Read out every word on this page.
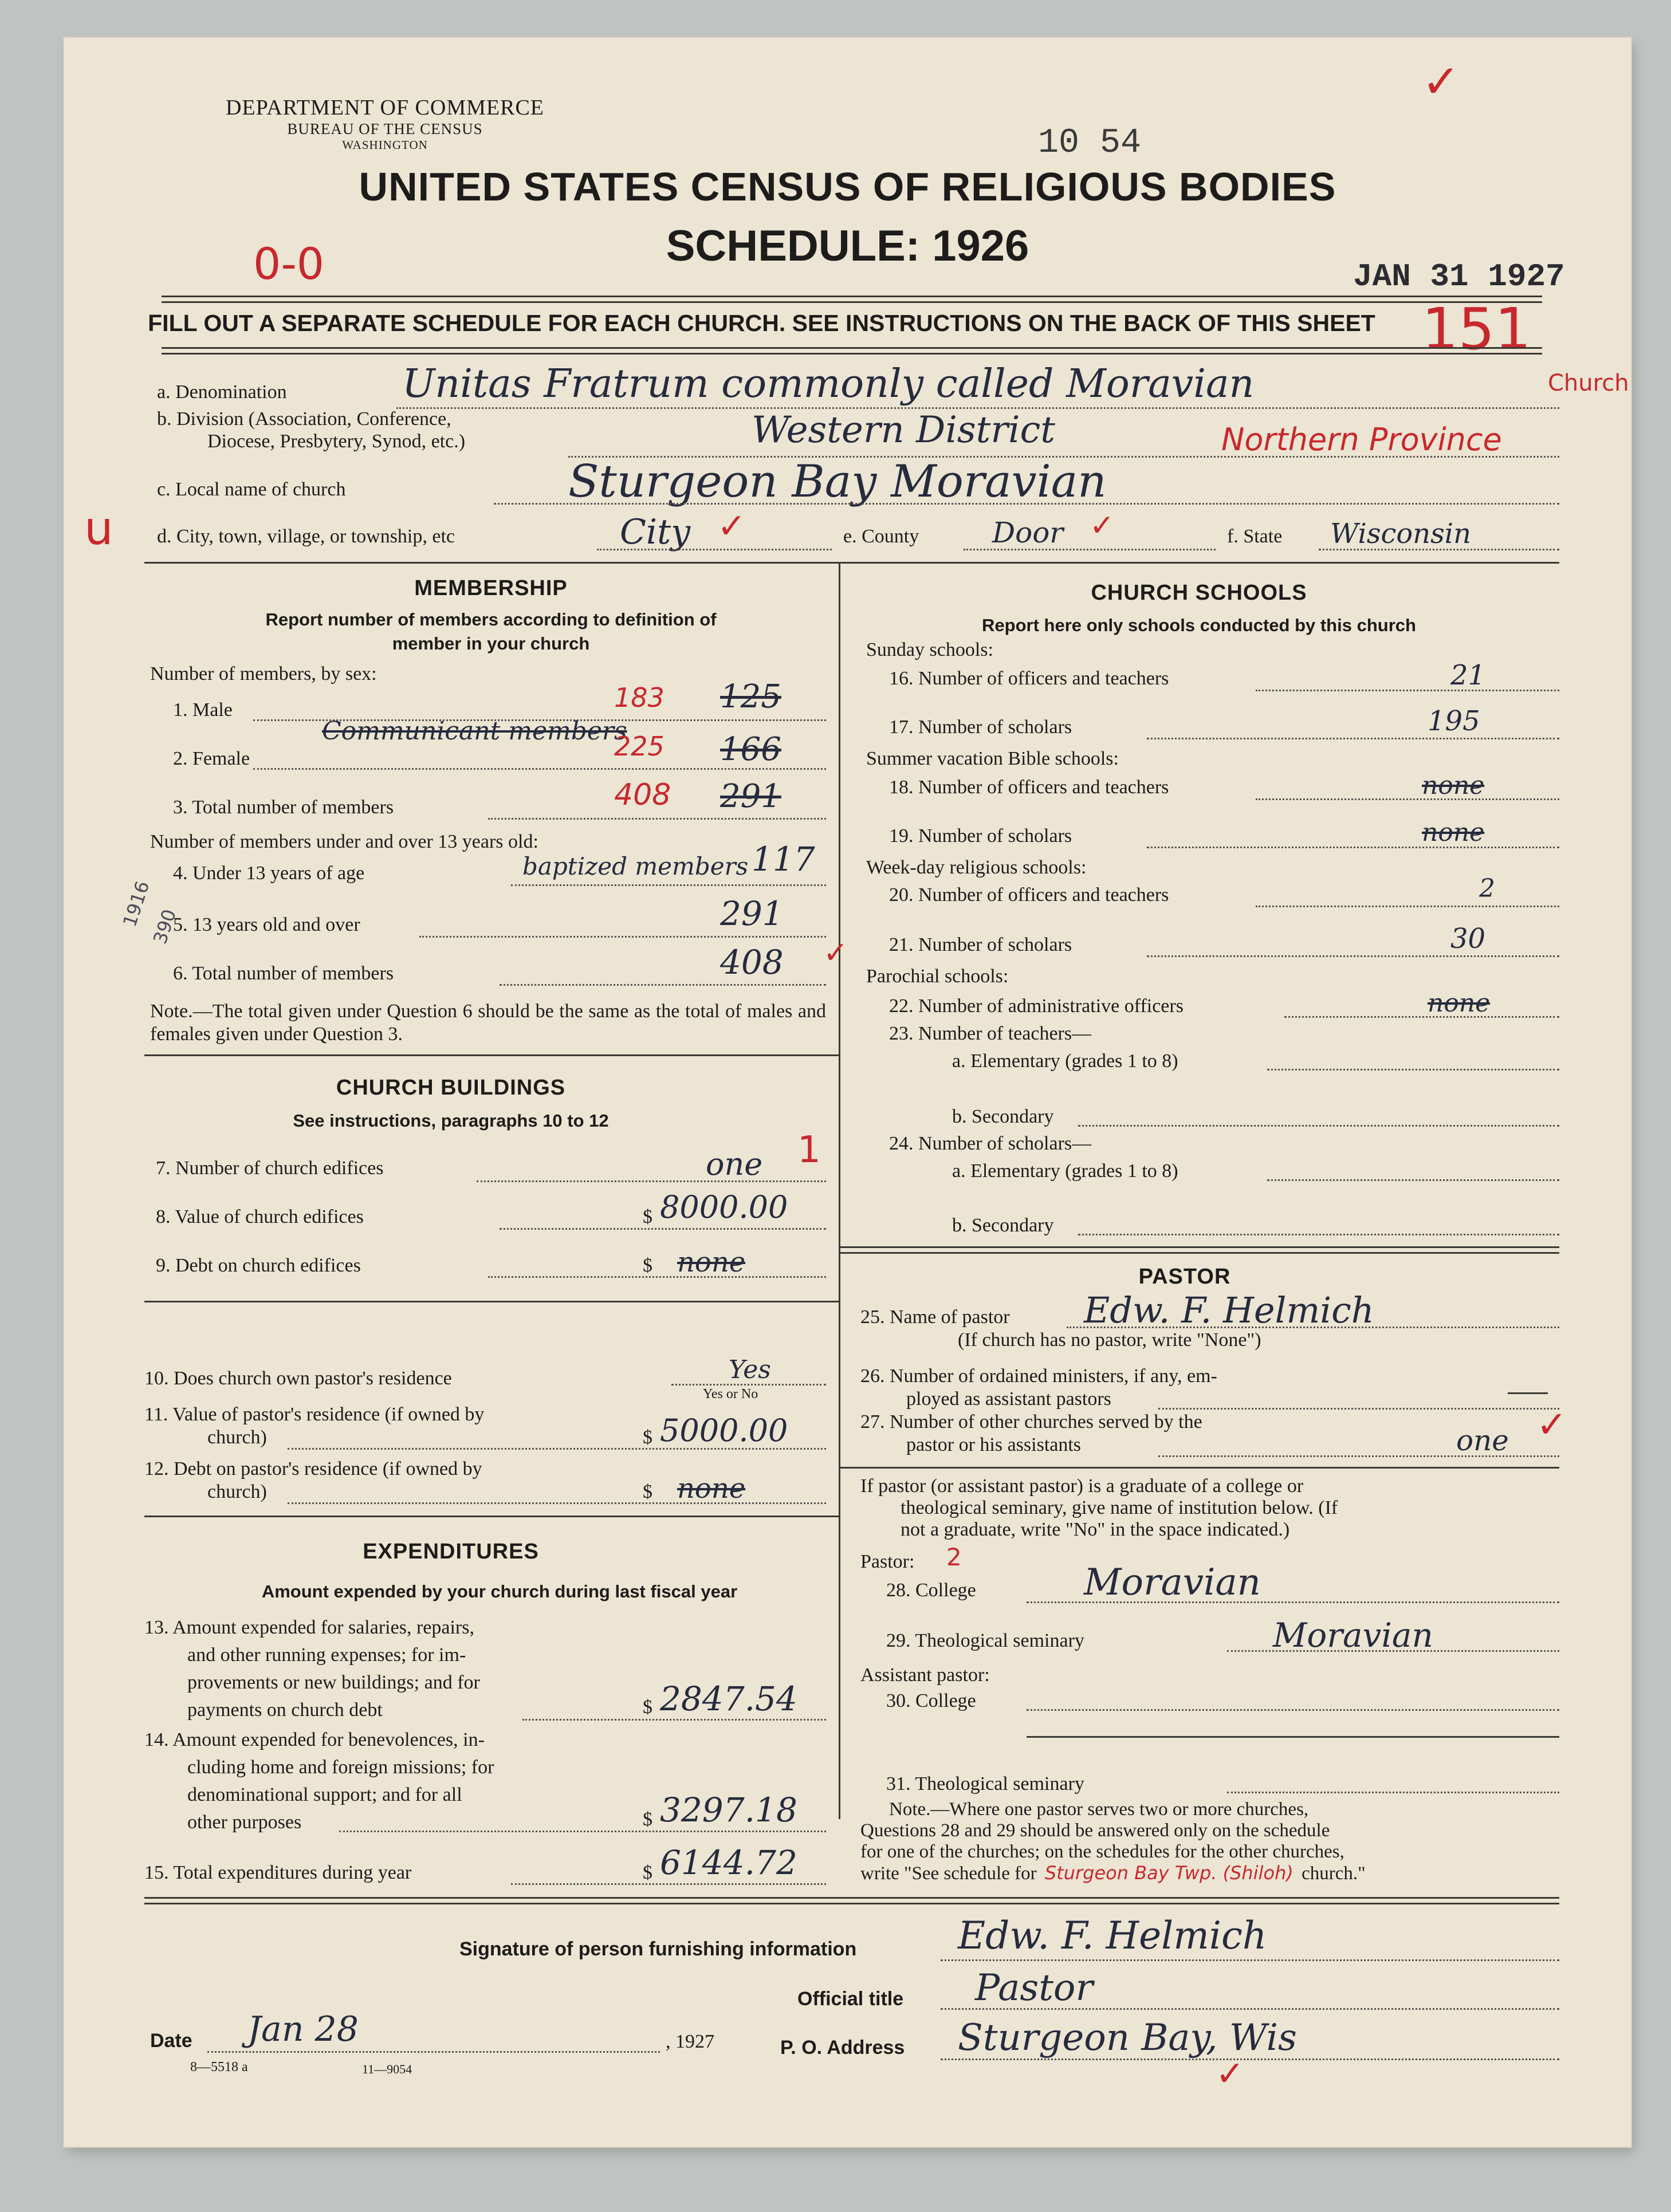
DEPARTMENT OF COMMERCE
BUREAU OF THE CENSUS
WASHINGTON	10 54
UNITED STATES CENSUS OF RELIGIOUS BODIES
SCHEDULE: 1926
0-0	JAN 31 1927
151
✓
FILL OUT A SEPARATE SCHEDULE FOR EACH CHURCH. SEE INSTRUCTIONS ON THE BACK OF THIS SHEET
a. Denomination	Unitas Fratrum commonly called Moravian	Church
b. Division (Association, Conference,
Diocese, Presbytery, Synod, etc.)	Western District	Northern Province
c. Local name of church	Sturgeon Bay Moravian
u d. City, town, village, or township, etc	City ✓	e. County	Door ✓	f. State Wisconsin
MEMBERSHIP
Report number of members according to definition of
member in your church
Number of members, by sex:
1. Male	183 125
Communicant members
2. Female	225 166
3. Total number of members	408 291
Number of members under and over 13 years old:
4. Under 13 years of age	baptized members 117
1916
390
5. 13 years old and over	291
6. Total number of members	408 ✓
Note.—The total given under Question 6 should be the same as the total of males and females given under Question 3.
CHURCH BUILDINGS
See instructions, paragraphs 10 to 12
7. Number of church edifices	one 1
8. Value of church edifices	$ 8000.00
9. Debt on church edifices	$ none
10. Does church own pastor's residence	Yes
Yes or No
11. Value of pastor's residence (if owned by
church)	$ 5000.00
12. Debt on pastor's residence (if owned by
church)	$ none
EXPENDITURES
Amount expended by your church during last fiscal year
13. Amount expended for salaries, repairs,
and other running expenses; for im-
provements or new buildings; and for
payments on church debt	$ 2847.54
14. Amount expended for benevolences, in-
cluding home and foreign missions; for
denominational support; and for all
other purposes	$ 3297.18
15. Total expenditures during year	$ 6144.72
CHURCH SCHOOLS
Report here only schools conducted by this church
Sunday schools:
16. Number of officers and teachers	21
17. Number of scholars	195
Summer vacation Bible schools:
18. Number of officers and teachers	none
19. Number of scholars	none
Week-day religious schools:
20. Number of officers and teachers	2
21. Number of scholars	30
Parochial schools:
22. Number of administrative officers	none
23. Number of teachers—
a. Elementary (grades 1 to 8)
b. Secondary
24. Number of scholars—
a. Elementary (grades 1 to 8)
b. Secondary
PASTOR
25. Name of pastor Edw. F. Helmich
(If church has no pastor, write "None")
26. Number of ordained ministers, if any, em-
ployed as assistant pastors
27. Number of other churches served by the
pastor or his assistants	one ✓
If pastor (or assistant pastor) is a graduate of a college or
theological seminary, give name of institution below. (If
not a graduate, write "No" in the space indicated.)
Pastor: 2
28. College	Moravian
29. Theological seminary	Moravian
Assistant pastor:
30. College
31. Theological seminary
Note.—Where one pastor serves two or more churches,
Questions 28 and 29 should be answered only on the schedule
for one of the churches; on the schedules for the other churches,
write "See schedule for Sturgeon Bay Twp. (Shiloh) church."
Signature of person furnishing information	Edw. F. Helmich
Official title Pastor
Date Jan 28	, 1927
8—5518 a	11—9054
P. O. Address Sturgeon Bay, Wis
✓
